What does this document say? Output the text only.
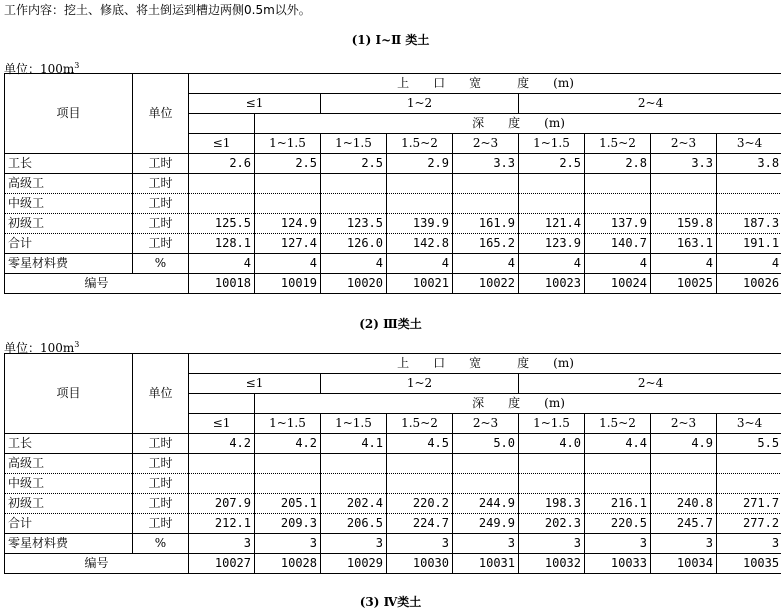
工作内容：挖土、修底、将土倒运到槽边两侧0.5m以外。
(1) Ⅰ~Ⅱ 类土
单位：$100m^3$
项目	单位	上　　口　　宽　　　度　　(m)								
		≤1		1~2			2~4			
			深　　度　　(m)							
		≤1	1~1.5	1~1.5	1.5~2	2~3	1~1.5	1.5~2	2~3	3~4
工长	工时	2.6	2.5	2.5	2.9	3.3	2.5	2.8	3.3	3.8
高级工	工时									
中级工	工时									
初级工	工时	125.5	124.9	123.5	139.9	161.9	121.4	137.9	159.8	187.3
合计	工时	128.1	127.4	126.0	142.8	165.2	123.9	140.7	163.1	191.1
零星材料费	%	4	4	4	4	4	4	4	4	4
编号		10018	10019	10020	10021	10022	10023	10024	10025	10026
(2) Ⅲ类土
单位：$100m^3$
项目	单位	上　　口　　宽　　　度　　(m)								
		≤1		1~2			2~4			
			深　　度　　(m)							
		≤1	1~1.5	1~1.5	1.5~2	2~3	1~1.5	1.5~2	2~3	3~4
工长	工时	4.2	4.2	4.1	4.5	5.0	4.0	4.4	4.9	5.5
高级工	工时									
中级工	工时									
初级工	工时	207.9	205.1	202.4	220.2	244.9	198.3	216.1	240.8	271.7
合计	工时	212.1	209.3	206.5	224.7	249.9	202.3	220.5	245.7	277.2
零星材料费	%	3	3	3	3	3	3	3	3	3
编号		10027	10028	10029	10030	10031	10032	10033	10034	10035
(3) Ⅳ类土
